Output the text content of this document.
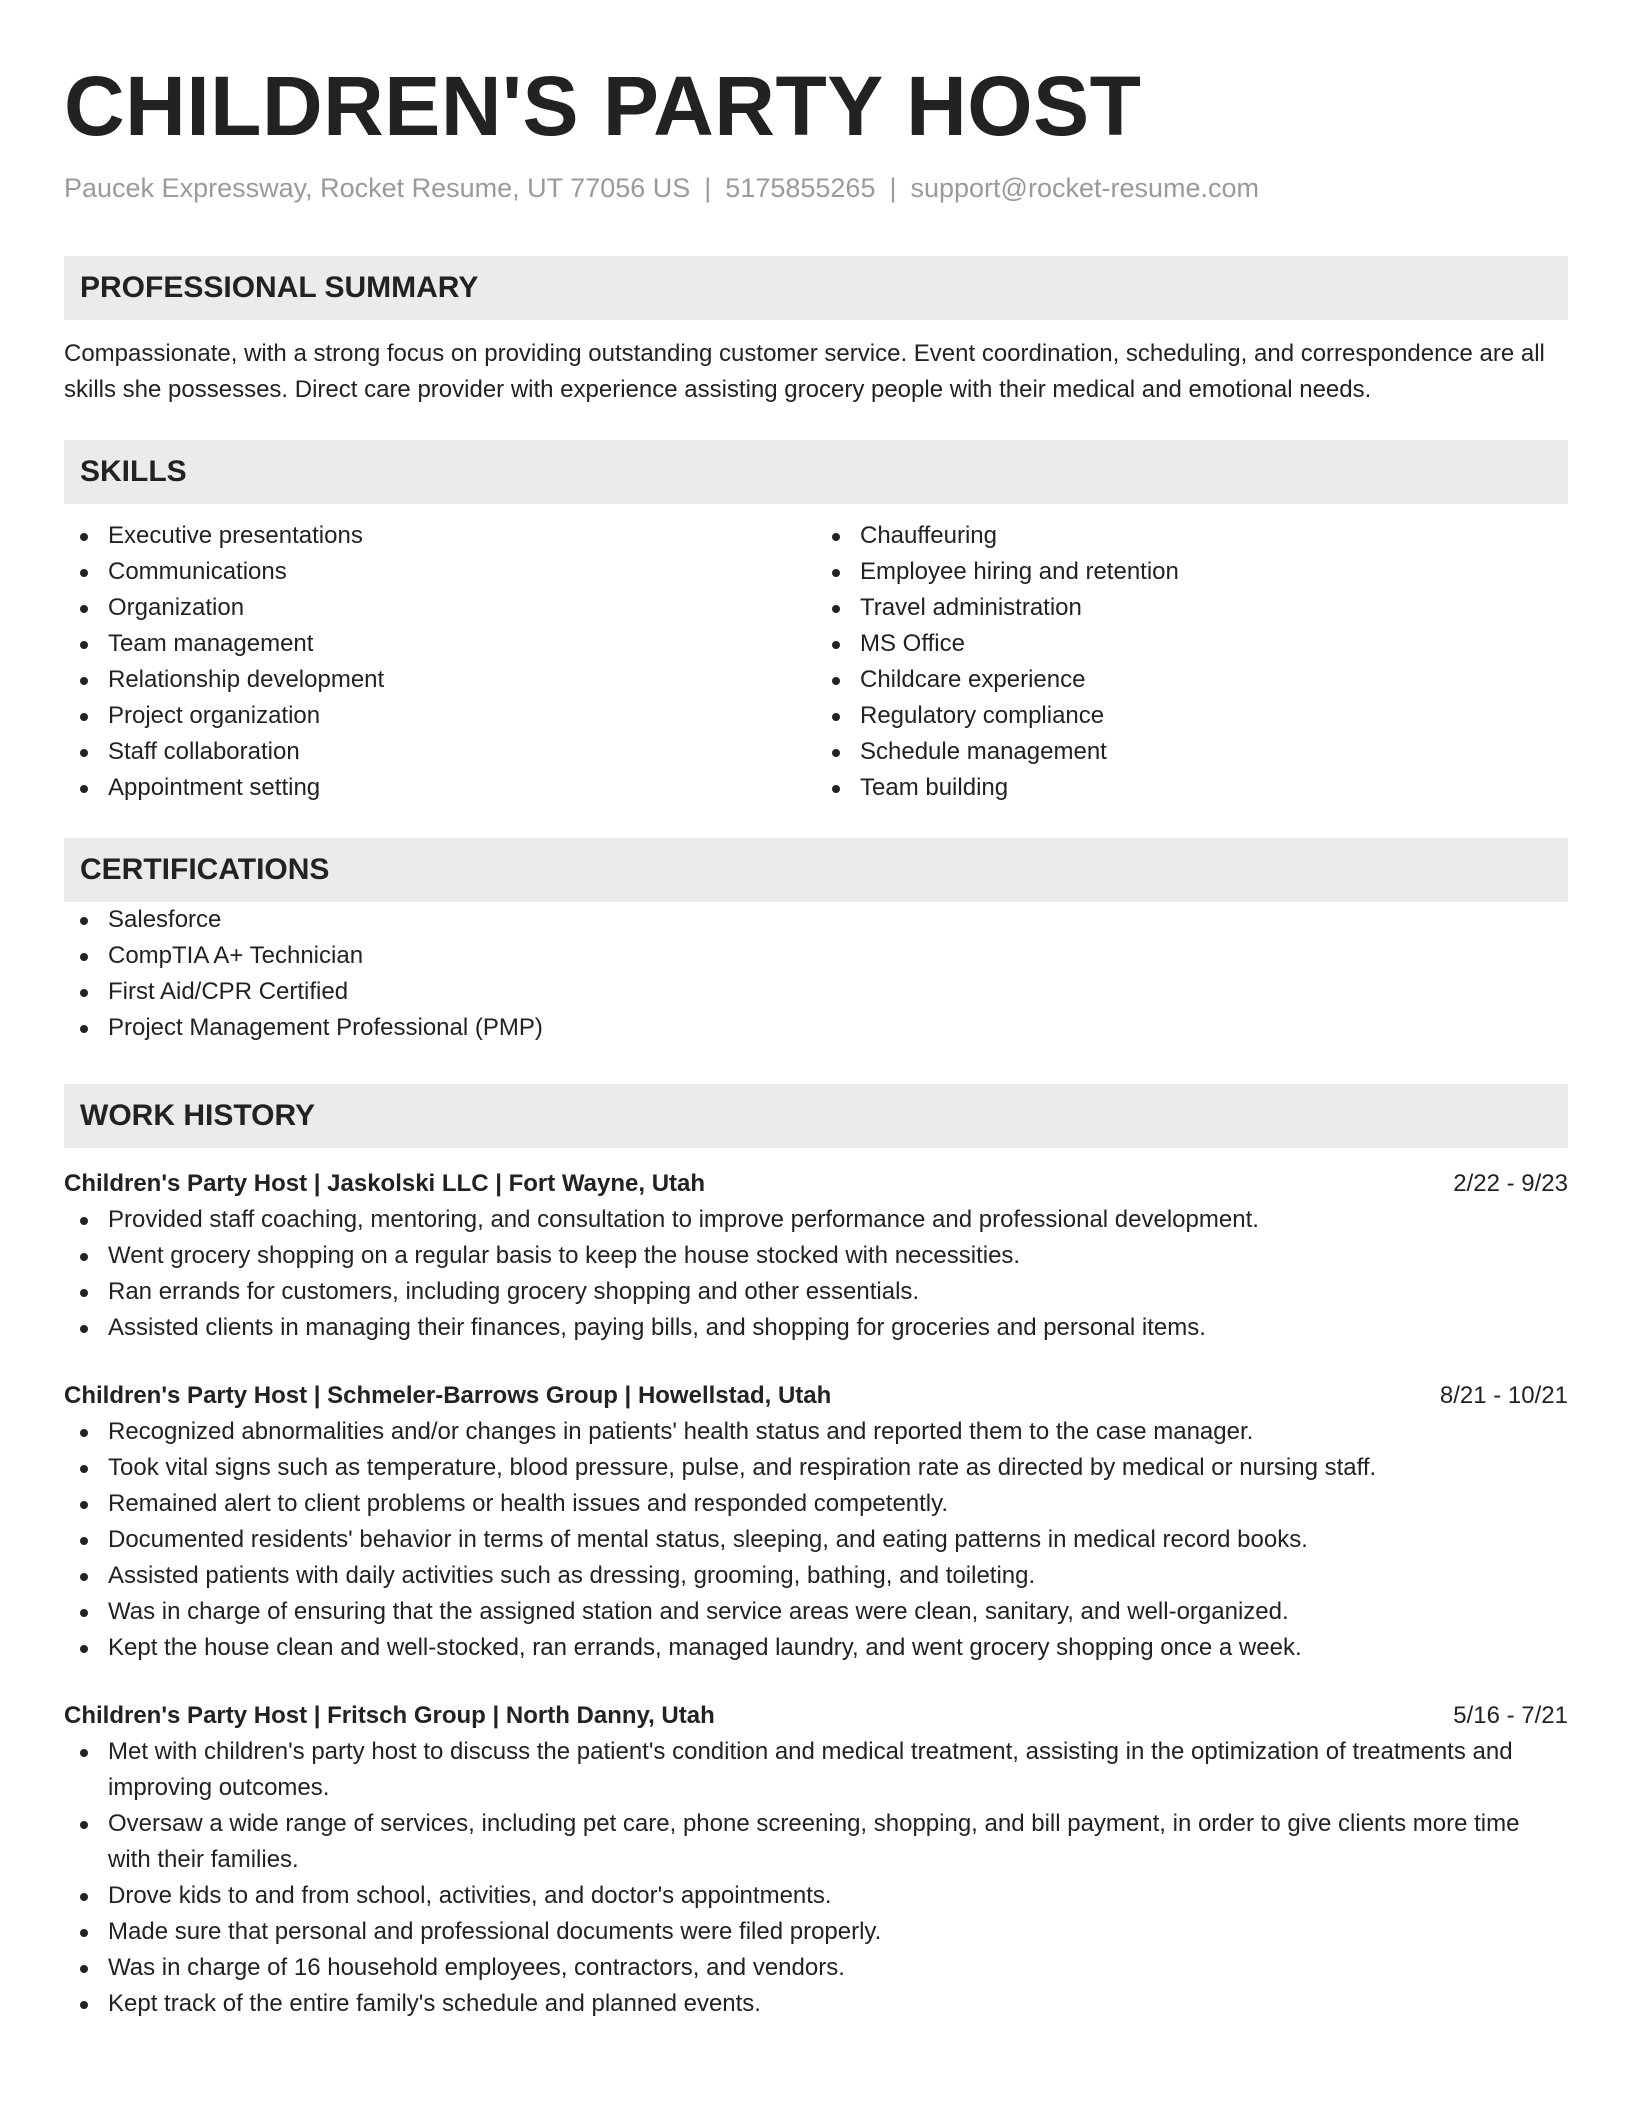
CHILDREN'S PARTY HOST
Paucek Expressway, Rocket Resume, UT 77056 US | 5175855265 | support@rocket-resume.com
PROFESSIONAL SUMMARY

Compassionate, with a strong focus on providing outstanding customer service. Event coordination, scheduling, and correspondence are all skills she possesses. Direct care provider with experience assisting grocery people with their medical and emotional needs.

SKILLS
Executive presentations
Communications
Organization
Team management
Relationship development
Project organization
Staff collaboration
Appointment setting
Chauffeuring
Employee hiring and retention
Travel administration
MS Office
Childcare experience
Regulatory compliance
Schedule management
Team building
CERTIFICATIONS
Salesforce
CompTIA A+ Technician
First Aid/CPR Certified
Project Management Professional (PMP)
WORK HISTORY
Children's Party Host | Jaskolski LLC | Fort Wayne, Utah	2/22 - 9/23
Provided staff coaching, mentoring, and consultation to improve performance and professional development.
Went grocery shopping on a regular basis to keep the house stocked with necessities.
Ran errands for customers, including grocery shopping and other essentials.
Assisted clients in managing their finances, paying bills, and shopping for groceries and personal items.
Children's Party Host | Schmeler-Barrows Group | Howellstad, Utah	8/21 - 10/21
Recognized abnormalities and/or changes in patients' health status and reported them to the case manager.
Took vital signs such as temperature, blood pressure, pulse, and respiration rate as directed by medical or nursing staff.
Remained alert to client problems or health issues and responded competently.
Documented residents' behavior in terms of mental status, sleeping, and eating patterns in medical record books.
Assisted patients with daily activities such as dressing, grooming, bathing, and toileting.
Was in charge of ensuring that the assigned station and service areas were clean, sanitary, and well-organized.
Kept the house clean and well-stocked, ran errands, managed laundry, and went grocery shopping once a week.
Children's Party Host | Fritsch Group | North Danny, Utah	5/16 - 7/21
Met with children's party host to discuss the patient's condition and medical treatment, assisting in the optimization of treatments and improving outcomes.
Oversaw a wide range of services, including pet care, phone screening, shopping, and bill payment, in order to give clients more time with their families.
Drove kids to and from school, activities, and doctor's appointments.
Made sure that personal and professional documents were filed properly.
Was in charge of 16 household employees, contractors, and vendors.
Kept track of the entire family's schedule and planned events.
